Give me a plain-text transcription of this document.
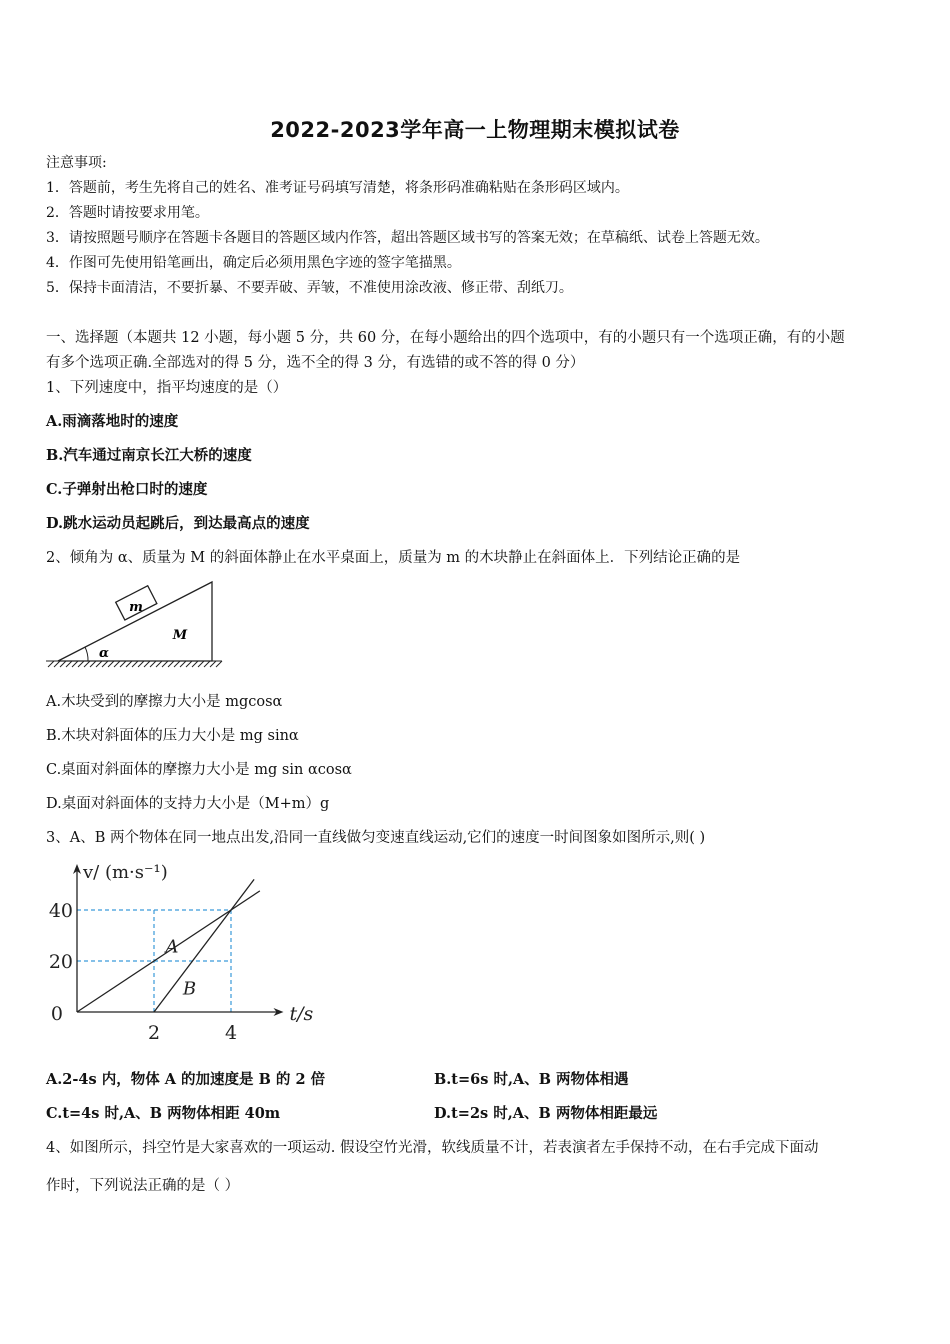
2022-2023学年高一上物理期末模拟试卷
注意事项:
1．答题前，考生先将自己的姓名、准考证号码填写清楚，将条形码准确粘贴在条形码区域内。
2．答题时请按要求用笔。
3．请按照题号顺序在答题卡各题目的答题区域内作答，超出答题区域书写的答案无效；在草稿纸、试卷上答题无效。
4．作图可先使用铅笔画出，确定后必须用黑色字迹的签字笔描黑。
5．保持卡面清洁，不要折暴、不要弄破、弄皱，不准使用涂改液、修正带、刮纸刀。
一、选择题（本题共 12 小题，每小题 5 分，共 60 分，在每小题给出的四个选项中，有的小题只有一个选项正确，有的小题
有多个选项正确.全部选对的得 5 分，选不全的得 3 分，有选错的或不答的得 0 分）
1、下列速度中，指平均速度的是（）
A.雨滴落地时的速度
B.汽车通过南京长江大桥的速度
C.子弹射出枪口时的速度
D.跳水运动员起跳后，到达最高点的速度
2、倾角为 α、质量为 M 的斜面体静止在水平桌面上，质量为 m 的木块静止在斜面体上．下列结论正确的是
m
M
α
A.木块受到的摩擦力大小是 mgcosα
B.木块对斜面体的压力大小是 mg sinα
C.桌面对斜面体的摩擦力大小是 mg sin αcosα
D.桌面对斜面体的支持力大小是（M+m）g
3、A、B 两个物体在同一地点出发,沿同一直线做匀变速直线运动,它们的速度一时间图象如图所示,则( )
0
2	4
20
40
A
B
v/ (m·s⁻¹)
t/s
A.2-4s 内，物体 A 的加速度是 B 的 2 倍	B.t=6s 时,A、B 两物体相遇
C.t=4s 时,A、B 两物体相距 40m	D.t=2s 时,A、B 两物体相距最远
4、如图所示，抖空竹是大家喜欢的一项运动. 假设空竹光滑，软线质量不计，若表演者左手保持不动，在右手完成下面动
作时，下列说法正确的是（ ）
